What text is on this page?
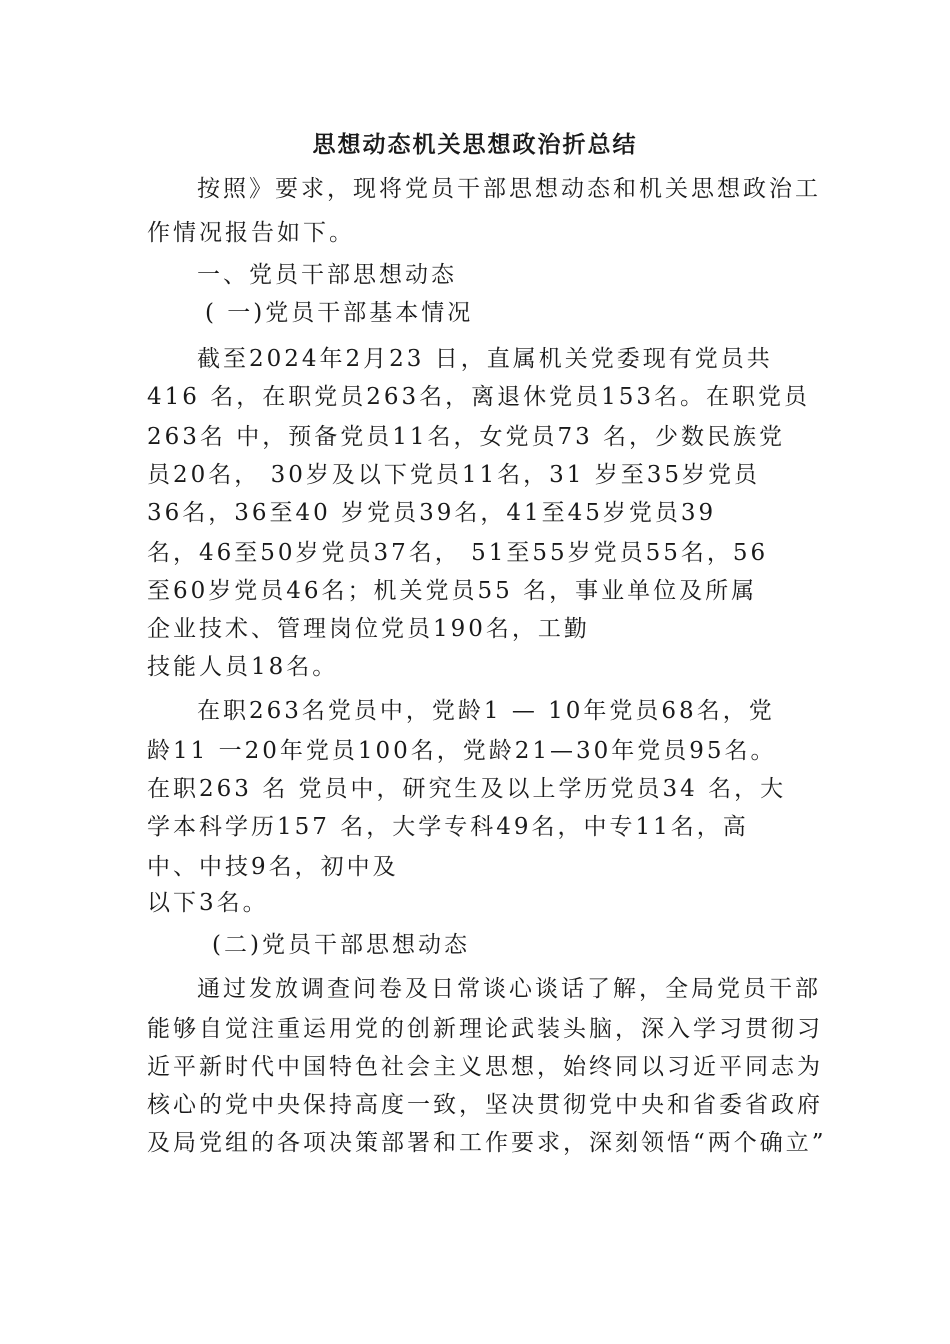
思想动态机关思想政治折总结
按照》要求，现将党员干部思想动态和机关思想政治工
作情况报告如下。
一、党员干部思想动态
( 一)党员干部基本情况
截至2024年2月23 日，直属机关党委现有党员共
416 名，在职党员263名，离退休党员153名。在职党员
263名 中，预备党员11名，女党员73 名，少数民族党
员20名， 30岁及以下党员11名，31 岁至35岁党员
36名，36至40 岁党员39名，41至45岁党员39
名，46至50岁党员37名， 51至55岁党员55名，56
至60岁党员46名；机关党员55 名，事业单位及所属
企业技术、管理岗位党员190名，工勤
技能人员18名。
在职263名党员中，党龄1 — 10年党员68名，党
龄11 一20年党员100名，党龄21—30年党员95名。
在职263 名 党员中，研究生及以上学历党员34 名，大
学本科学历157 名，大学专科49名，中专11名，高
中、中技9名，初中及
以下3名。
(二)党员干部思想动态
通过发放调查问卷及日常谈心谈话了解，全局党员干部
能够自觉注重运用党的创新理论武装头脑，深入学习贯彻习
近平新时代中国特色社会主义思想，始终同以习近平同志为
核心的党中央保持高度一致，坚决贯彻党中央和省委省政府
及局党组的各项决策部署和工作要求，深刻领悟“两个确立”
